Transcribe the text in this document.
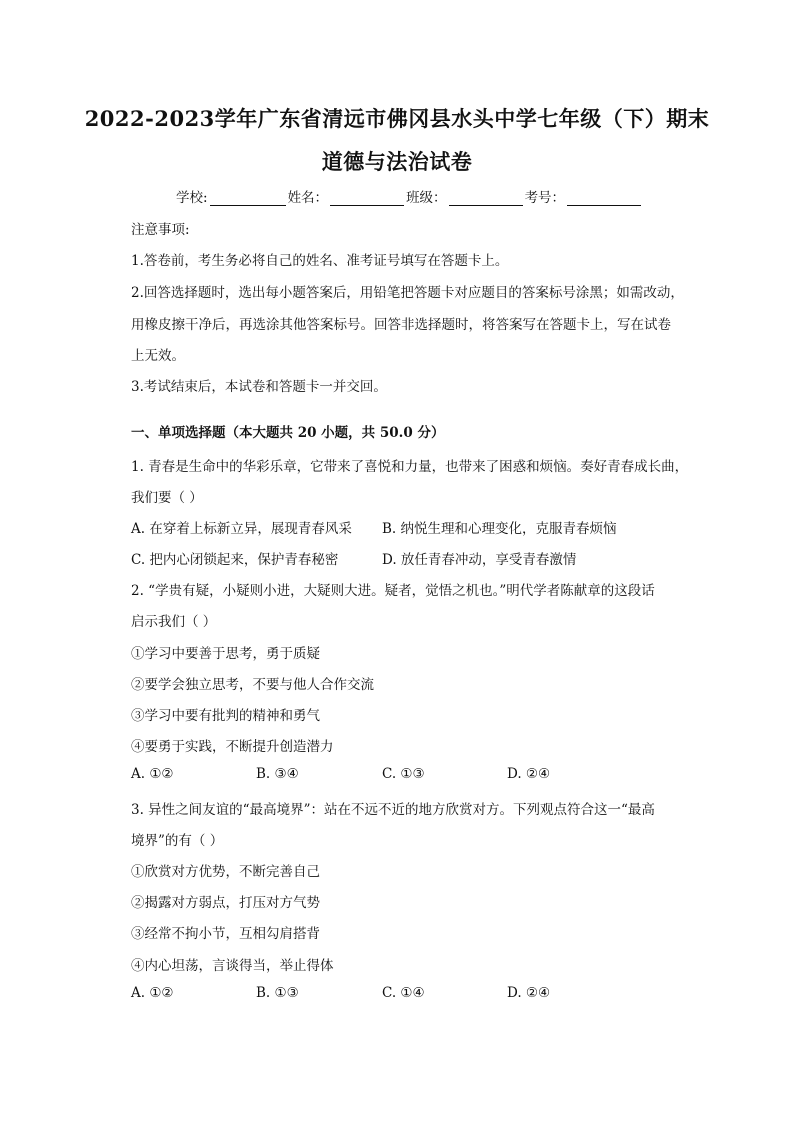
2022-2023学年广东省清远市佛冈县水头中学七年级（下）期末
道德与法治试卷
学校:	姓名：	班级：	考号：
注意事项:
1.答卷前，考生务必将自己的姓名、准考证号填写在答题卡上。
2.回答选择题时，选出每小题答案后，用铅笔把答题卡对应题目的答案标号涂黑；如需改动，
用橡皮擦干净后，再选涂其他答案标号。回答非选择题时，将答案写在答题卡上，写在试卷
上无效。
3.考试结束后，本试卷和答题卡一并交回。
一、单项选择题（本大题共 20 小题，共 50.0 分）
1. 青春是生命中的华彩乐章，它带来了喜悦和力量，也带来了困惑和烦恼。奏好青春成长曲，
我们要（ ）
A. 在穿着上标新立异，展现青春风采 B. 纳悦生理和心理变化，克服青春烦恼
C. 把内心闭锁起来，保护青春秘密	D. 放任青春冲动，享受青春激情
2. “学贵有疑，小疑则小进，大疑则大进。疑者，觉悟之机也。”明代学者陈献章的这段话
启示我们（ ）
①学习中要善于思考，勇于质疑
②要学会独立思考，不要与他人合作交流
③学习中要有批判的精神和勇气
④要勇于实践，不断提升创造潜力
A. ①②	B. ③④	C. ①③	D. ②④
3. 异性之间友谊的“最高境界”：站在不远不近的地方欣赏对方。下列观点符合这一“最高
境界”的有（ ）
①欣赏对方优势，不断完善自己
②揭露对方弱点，打压对方气势
③经常不拘小节，互相勾肩搭背
④内心坦荡，言谈得当，举止得体
A. ①②	B. ①③	C. ①④	D. ②④
